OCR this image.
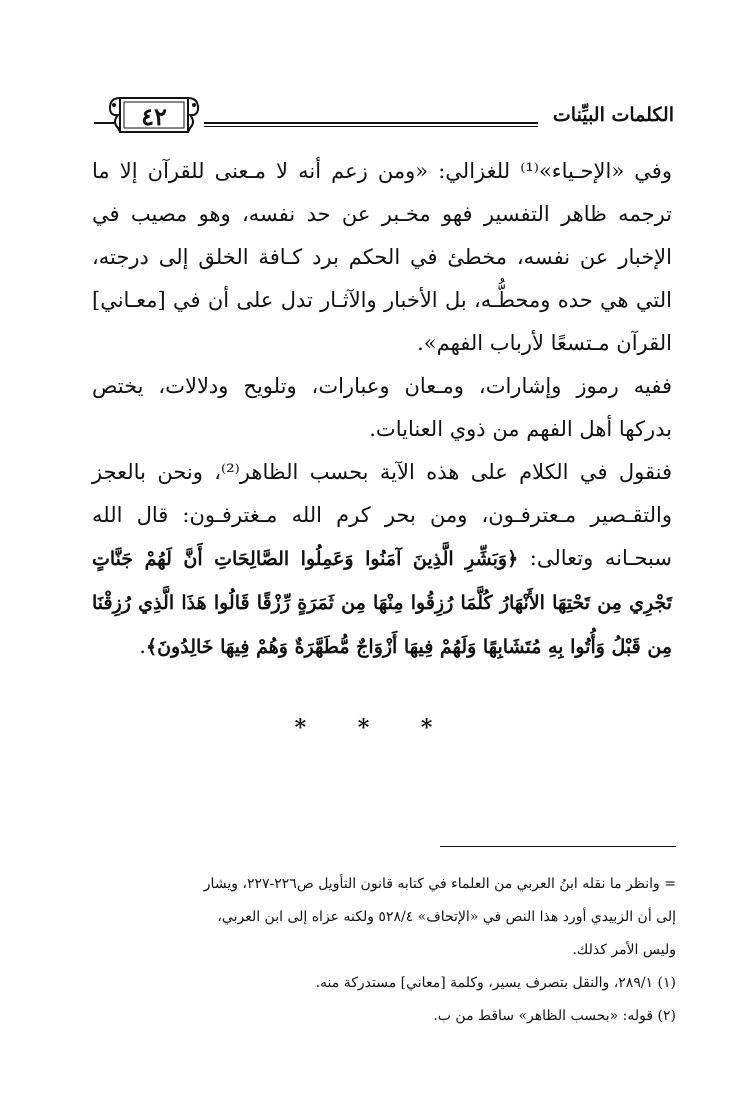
الكلمات البيِّنات
٤٢

وفي «الإحـياء»⁽¹⁾ للغزالي: «ومن زعم أنه لا مـعنى للقرآن إلا ما ترجمه ظاهر التفسير فهو مخـبر عن حد نفسه، وهو مصيب في الإخبار عن نفسه، مخطئ في الحكم برد كـافة الخلق إلى درجته، التي هي حده ومحطُّـه، بل الأخبار والآثـار تدل على أن في [معـاني] القرآن مـتسعًا لأرباب الفهم».

ففيه رموز وإشارات، ومـعان وعبارات، وتلويح ودلالات، يختص بدركها أهل الفهم من ذوي العنايات.

فنقول في الكلام على هذه الآية بحسب الظاهر⁽²⁾، ونحن بالعجز والتقـصير مـعترفـون، ومن بحر كرم الله مـغترفـون: قال الله سبحـانه وتعالى: ﴿وَبَشِّرِ الَّذِينَ آمَنُوا وَعَمِلُوا الصَّالِحَاتِ أَنَّ لَهُمْ جَنَّاتٍ تَجْرِي مِن تَحْتِهَا الأَنْهَارُ كُلَّمَا رُزِقُوا مِنْهَا مِن ثَمَرَةٍ رِّزْقًا قَالُوا هَذَا الَّذِي رُزِقْنَا مِن قَبْلُ وَأُتُوا بِهِ مُتَشَابِهًا وَلَهُمْ فِيهَا أَزْوَاجٌ مُّطَهَّرَةٌ وَهُمْ فِيهَا خَالِدُونَ﴾.

* * *
= وانظر ما نقله ابنُ العربي من العلماء في كتابه قانون التأويل ص٢٢٦-٢٢٧، ويشار
إلى أن الزبيدي أورد هذا النص في «الإتحاف» ٥٢٨/٤ ولكنه عزاه إلى ابن العربي،
وليس الأمر كذلك.
(١) ٢٨٩/١، والنقل بتصرف يسير، وكلمة [معاني] مستدركة منه.
(٢) قوله: «بحسب الظاهر» ساقط من ب.
